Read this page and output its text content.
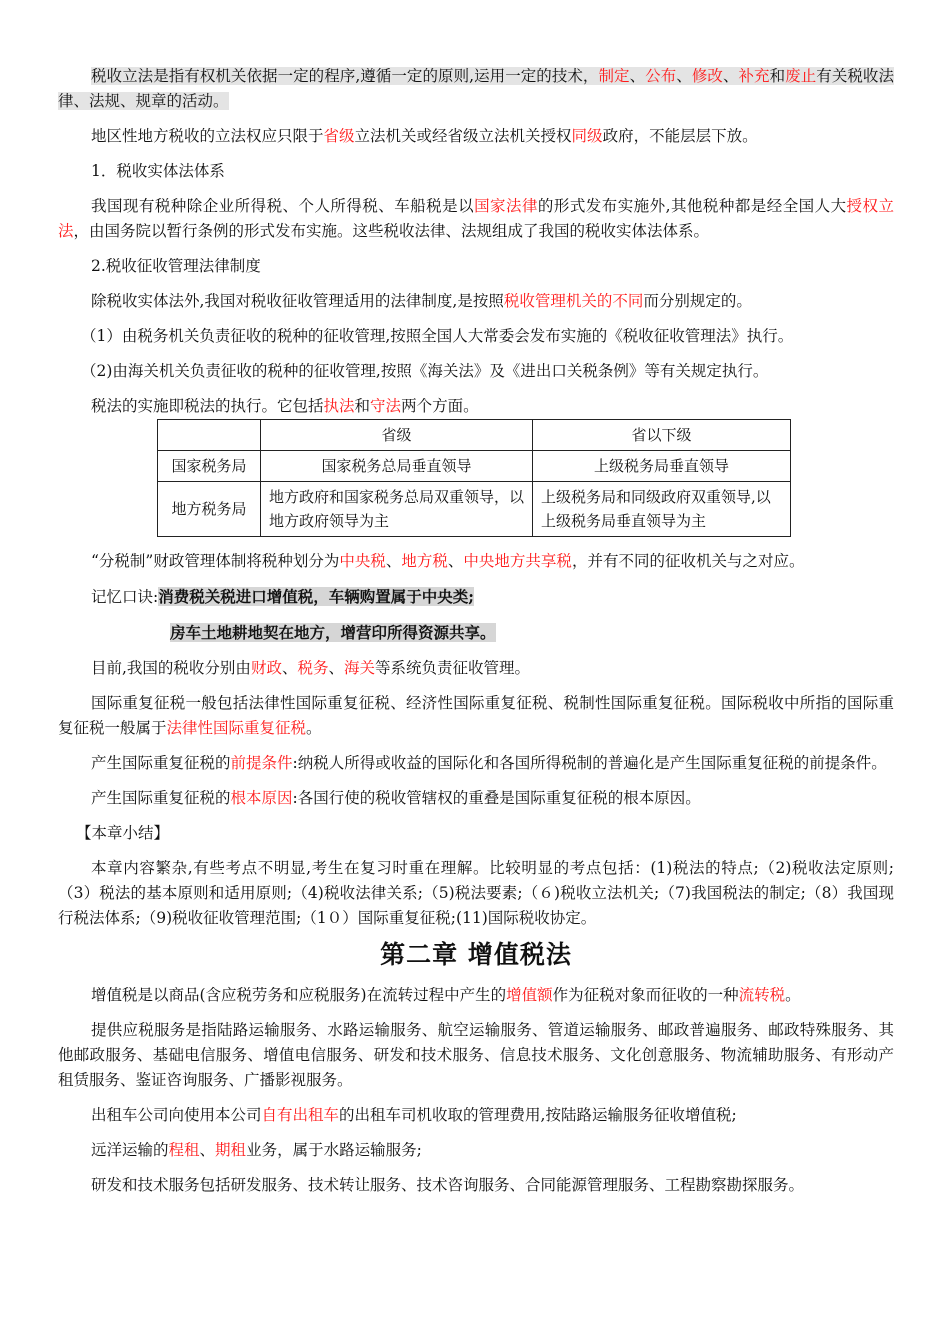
税收立法是指有权机关依据一定的程序,遵循一定的原则,运用一定的技术，制定、公布、修改、补充和废止有关税收法律、法规、规章的活动。

地区性地方税收的立法权应只限于省级立法机关或经省级立法机关授权同级政府，不能层层下放。

1．税收实体法体系

我国现有税种除企业所得税、个人所得税、车船税是以国家法律的形式发布实施外,其他税种都是经全国人大授权立法，由国务院以暂行条例的形式发布实施。这些税收法律、法规组成了我国的税收实体法体系。

2.税收征收管理法律制度

除税收实体法外,我国对税收征收管理适用的法律制度,是按照税收管理机关的不同而分别规定的。

（1）由税务机关负责征收的税种的征收管理,按照全国人大常委会发布实施的《税收征收管理法》执行。

（2)由海关机关负责征收的税种的征收管理,按照《海关法》及《进出口关税条例》等有关规定执行。

税法的实施即税法的执行。它包括执法和守法两个方面。

	省级	省以下级
国家税务局	国家税务总局垂直领导	上级税务局垂直领导
地方税务局	地方政府和国家税务总局双重领导，以地方政府领导为主	上级税务局和同级政府双重领导,以上级税务局垂直领导为主

“分税制”财政管理体制将税种划分为中央税、地方税、中央地方共享税，并有不同的征收机关与之对应。

记忆口诀:消费税关税进口增值税，车辆购置属于中央类;

房车土地耕地契在地方，增营印所得资源共享。

目前,我国的税收分别由财政、税务、海关等系统负责征收管理。

国际重复征税一般包括法律性国际重复征税、经济性国际重复征税、税制性国际重复征税。国际税收中所指的国际重复征税一般属于法律性国际重复征税。

产生国际重复征税的前提条件:纳税人所得或收益的国际化和各国所得税制的普遍化是产生国际重复征税的前提条件。

产生国际重复征税的根本原因:各国行使的税收管辖权的重叠是国际重复征税的根本原因。

【本章小结】

本章内容繁杂,有些考点不明显,考生在复习时重在理解。比较明显的考点包括：(1)税法的特点;（2)税收法定原则;（3）税法的基本原则和适用原则;（4)税收法律关系;（5)税法要素;（６)税收立法机关;（7)我国税法的制定;（8）我国现行税法体系;（9)税收征收管理范围;（1０）国际重复征税;(11)国际税收协定。

第二章 增值税法

增值税是以商品(含应税劳务和应税服务)在流转过程中产生的增值额作为征税对象而征收的一种流转税。

提供应税服务是指陆路运输服务、水路运输服务、航空运输服务、管道运输服务、邮政普遍服务、邮政特殊服务、其他邮政服务、基础电信服务、增值电信服务、研发和技术服务、信息技术服务、文化创意服务、物流辅助服务、有形动产租赁服务、鉴证咨询服务、广播影视服务。

出租车公司向使用本公司自有出租车的出租车司机收取的管理费用,按陆路运输服务征收增值税;

远洋运输的程租、期租业务，属于水路运输服务;

研发和技术服务包括研发服务、技术转让服务、技术咨询服务、合同能源管理服务、工程勘察勘探服务。
